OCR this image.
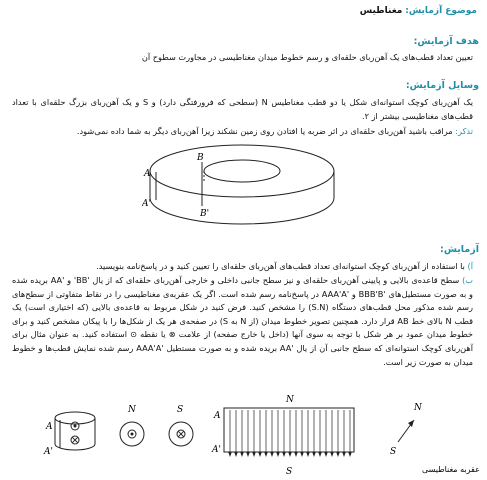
موضوع آزمایش: مغناطیس
هدف آزمایش:
تعیین تعداد قطب‌های یک آهن‌ربای حلقه‌ای و رسم خطوط میدان مغناطیسی در مجاورت سطوح آن
وسایل آزمایش:
یک آهن‌ربای کوچک استوانه‌ای شکل یا دو قطب مغناطیس N (سطحی که فرورفتگی دارد) و S و یک آهن‌ربای بزرگ حلقه‌ای با تعداد قطب‌های مغناطیسی بیشتر از ۲.
تذکر: مراقب باشید آهن‌ربای حلقه‌ای در اثر ضربه یا افتادن روی زمین نشکند زیرا آهن‌ربای دیگر به شما داده نمی‌شود.
A
B
A'
B'
آزمایش:
آ) با استفاده از آهن‌ربای کوچک استوانه‌ای تعداد قطب‌های آهن‌ربای حلقه‌ای را تعیین کنید و در پاسخ‌نامه بنویسید.
ب) سطح قاعده‌ی بالایی و پایینی آهن‌ربای حلقه‌ای و نیز سطح جانبی داخلی و خارجی آهن‌ربای حلقه‌ای که از یال 'BB' و 'AA بریده شده و به صورت مستطیل‌های 'BBB'B و 'AAA'A در پاسخ‌نامه رسم شده است. اگر یک عقربه‌ی مغناطیسی را در نقاط متفاوتی از سطح‌های رسم شده مذکور محل قطب‌های دستگاه (S.N) را مشخص کنید. فرض کنید در شکل مربوط به قاعده‌ی بالایی (که اختیاری است) یک قطب N بالای خط AB قرار دارد. همچنین تصویر خطوط میدان (از N به S) در صفحه‌ی هر یک از شکل‌ها را با پیکان مشخص کنید و برای خطوط میدان عمود بر هر شکل با توجه به سوی آنها (داخل یا خارج صفحه) از علامت ⊗ یا نقطه ⊙ استفاده کنید. به عنوان مثال برای آهن‌ربای کوچک استوانه‌ای که سطح جانبی آن از یال 'AA بریده شده و به صورت مستطیل 'AAA'A رسم شده نمایش قطب‌ها و خطوط میدان به صورت زیر است.
A
A'
N	S
N
S
A
A'
N
S
عقربه مغناطیسی
